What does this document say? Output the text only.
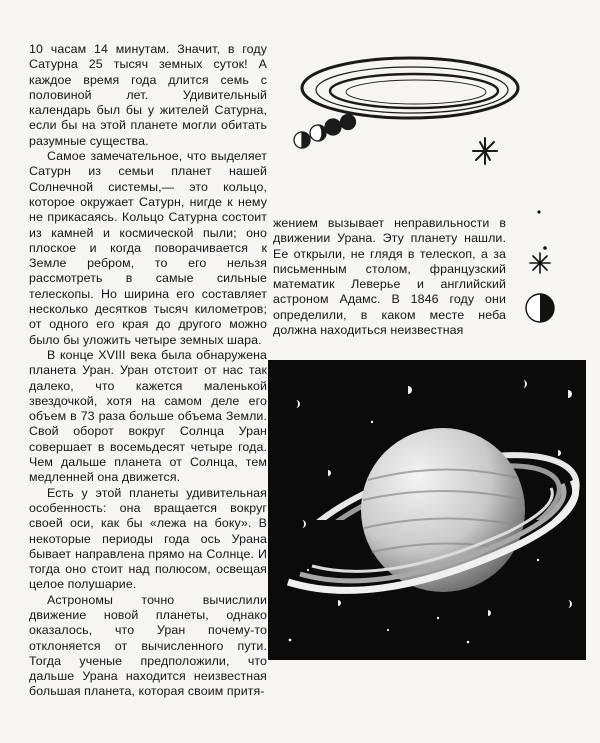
10 часам 14 минутам. Значит, в году Сатурна 25 тысяч земных суток! А каждое время года длится семь с половиной лет. Удивительный календарь был бы у жителей Сатурна, если бы на этой планете могли обитать разумные существа.

Самое замечательное, что выделяет Сатурн из семьи планет нашей Солнечной системы,— это кольцо, которое окружает Сатурн, нигде к нему не прикасаясь. Кольцо Сатурна состоит из камней и космической пыли; оно плоское и когда поворачивается к Земле ребром, то его нельзя рассмотреть в самые сильные телескопы. Но ширина его составляет несколько десятков тысяч километров; от одного его края до другого можно было бы уложить четыре земных шара.

В конце XVIII века была обнаружена планета Уран. Уран отстоит от нас так далеко, что кажется маленькой звездочкой, хотя на самом деле его объем в 73 раза больше объема Земли. Свой оборот вокруг Солнца Уран совершает в восемьдесят четыре года. Чем дальше планета от Солнца, тем медленней она движется.

Есть у этой планеты удивительная особенность: она вращается вокруг своей оси, как бы «лежа на боку». В некоторые периоды года ось Урана бывает направлена прямо на Солнце. И тогда оно стоит над полюсом, освещая целое полушарие.

Астрономы точно вычислили движение новой планеты, однако оказалось, что Уран почему-то отклоняется от вычисленного пути. Тогда ученые предположили, что дальше Урана находится неизвестная большая планета, которая своим притя-

жением вызывает неправильности в движении Урана. Эту планету нашли. Ее открыли, не глядя в телескоп, а за письменным столом, французский математик Леверье и английский астроном Адамс. В 1846 году они определили, в каком месте неба должна находиться неизвестная
